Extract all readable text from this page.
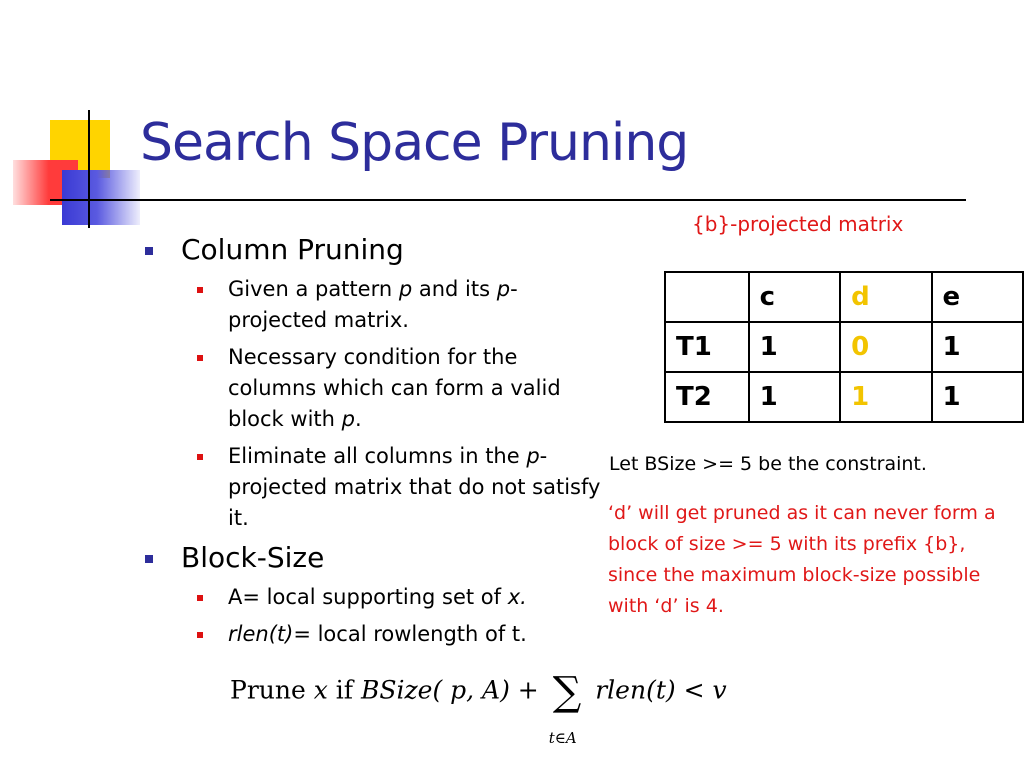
Search Space Pruning
Column Pruning
Given a pattern p and its p-projected matrix.
Necessary condition for the columns which can form a valid block with p.
Eliminate all columns in the p-projected matrix that do not satisfy it.
Block-Size
A= local supporting set of x.
rlen(t)= local rowlength of t.
{b}-projected matrix
	c	d	e
T1	1	0	1
T2	1	1	1
Let BSize >= 5 be the constraint.
‘d’ will get pruned as it can never form a block of size >= 5 with its prefix {b}, since the maximum block-size possible with ‘d’ is 4.
Prune x if BSize( p, A) + ∑
t∈A
rlen(t) < v
